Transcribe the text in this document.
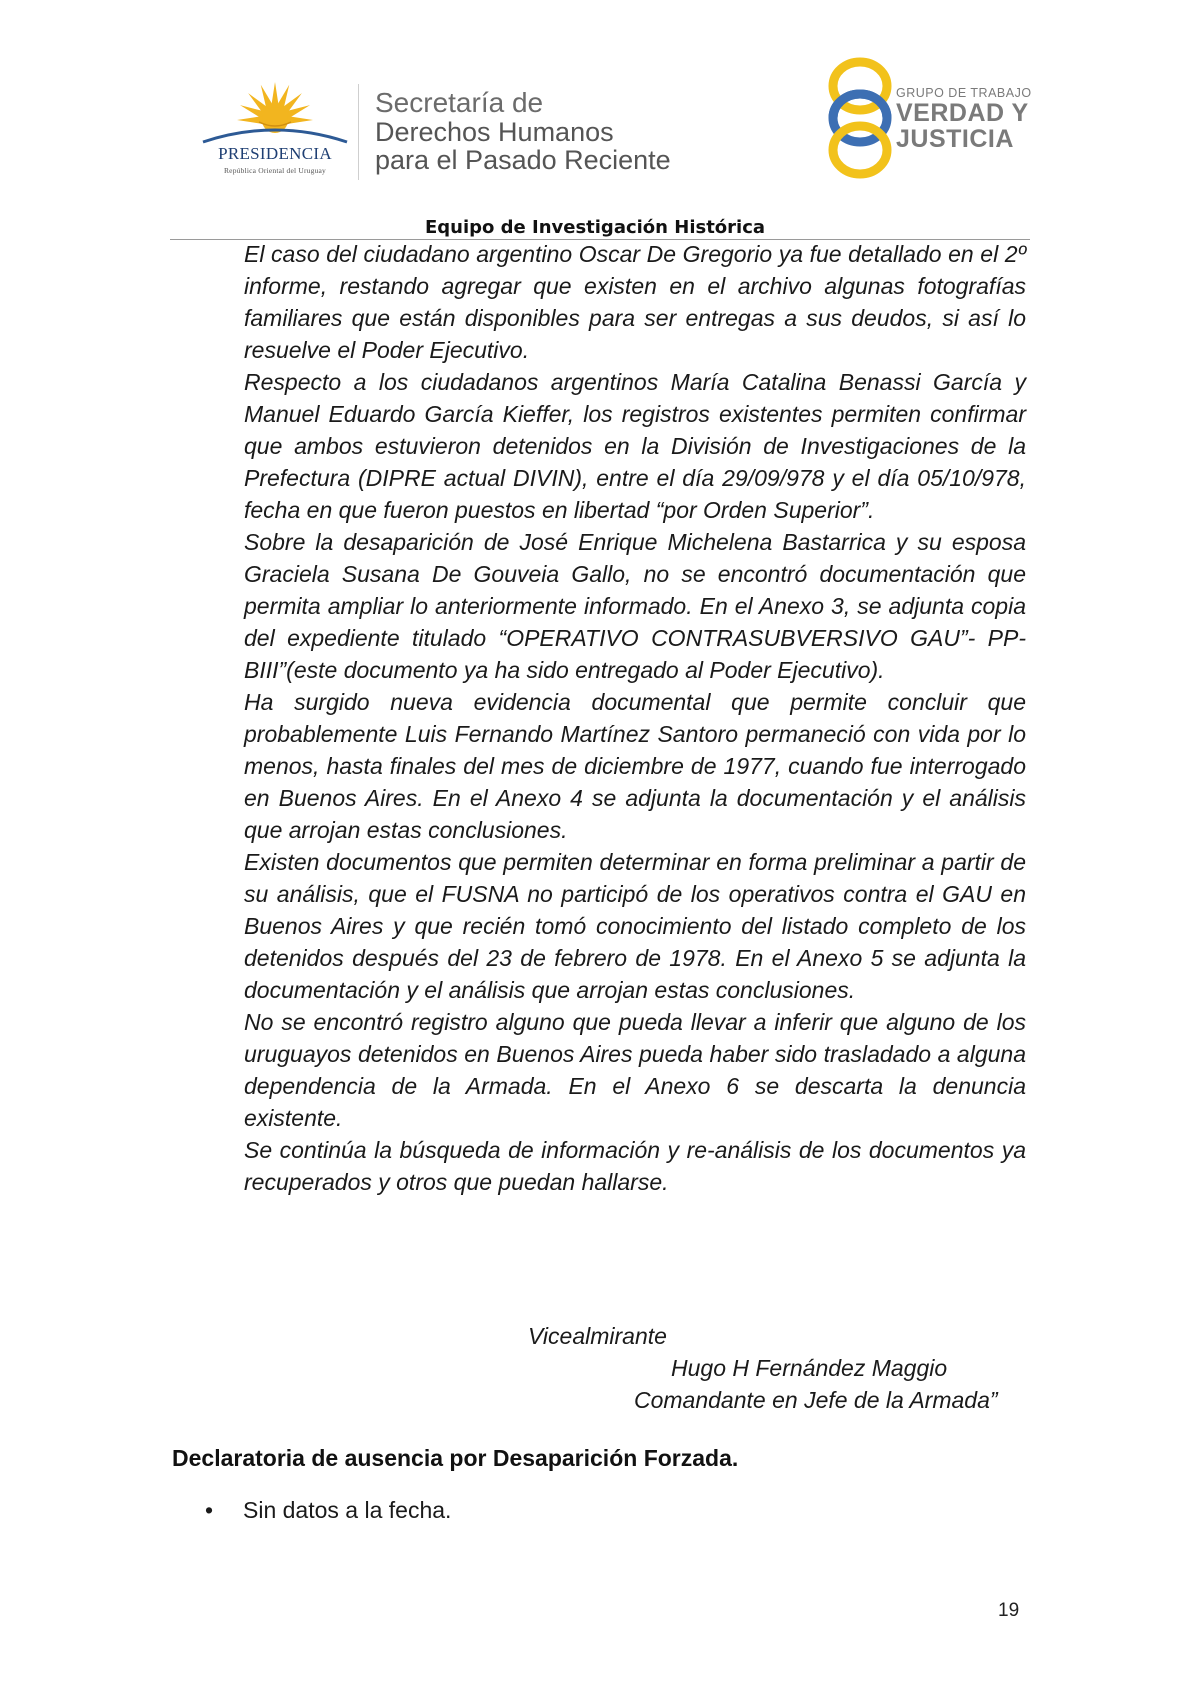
PRESIDENCIA
República Oriental del Uruguay
Secretaría de
Derechos Humanos
para el Pasado Reciente
GRUPO DE TRABAJO
VERDAD Y
JUSTICIA
Equipo de Investigación Histórica

El caso del ciudadano argentino Oscar De Gregorio ya fue detallado en el 2º informe, restando agregar que existen en el archivo algunas fotografías familiares que están disponibles para ser entregas a sus deudos, si así lo resuelve el Poder Ejecutivo.

Respecto a los ciudadanos argentinos María Catalina Benassi García y Manuel Eduardo García Kieffer, los registros existentes permiten confirmar que ambos estuvieron detenidos en la División de Investigaciones de la Prefectura (DIPRE actual DIVIN), entre el día 29/09/978 y el día 05/10/978, fecha en que fueron puestos en libertad “por Orden Superior”.

Sobre la desaparición de José Enrique Michelena Bastarrica y su esposa Graciela Susana De Gouveia Gallo, no se encontró documentación que permita ampliar lo anteriormente informado. En el Anexo 3, se adjunta copia del expediente titulado “OPERATIVO CONTRASUBVERSIVO GAU”- PP-BIII”(este documento ya ha sido entregado al Poder Ejecutivo).

Ha surgido nueva evidencia documental que permite concluir que probablemente Luis Fernando Martínez Santoro permaneció con vida por lo menos, hasta finales del mes de diciembre de 1977, cuando fue interrogado en Buenos Aires. En el Anexo 4 se adjunta la documentación y el análisis que arrojan estas conclusiones.

Existen documentos que permiten determinar en forma preliminar a partir de su análisis, que el FUSNA no participó de los operativos contra el GAU en Buenos Aires y que recién tomó conocimiento del listado completo de los detenidos después del 23 de febrero de 1978. En el Anexo 5 se adjunta la documentación y el análisis que arrojan estas conclusiones.

No se encontró registro alguno que pueda llevar a inferir que alguno de los uruguayos detenidos en Buenos Aires pueda haber sido trasladado a alguna dependencia de la Armada. En el Anexo 6 se descarta la denuncia existente.

Se continúa la búsqueda de información y re-análisis de los documentos ya recuperados y otros que puedan hallarse.

Vicealmirante
Hugo H Fernández Maggio
Comandante en Jefe de la Armada”
Declaratoria de ausencia por Desaparición Forzada.
• Sin datos a la fecha.
19
